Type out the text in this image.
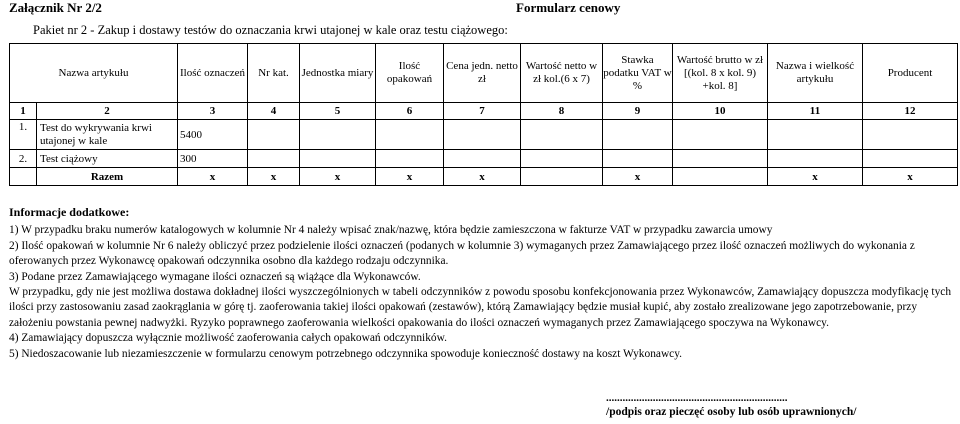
Załącznik Nr 2/2	Formularz cenowy
Pakiet nr 2 - Zakup i dostawy testów do oznaczania krwi utajonej w kale oraz testu ciążowego:
Nazwa artykułu		Ilość oznaczeń	Nr kat.	Jednostka miary	Ilość opakowań	Cena jedn. netto zł	Wartość netto w zł kol.(6 x 7)	Stawka podatku VAT w %	Wartość brutto w zł [(kol. 8 x kol. 9) +kol. 8]	Nazwa i wielkość artykułu	Producent
1	2	3	4	5	6	7	8	9	10	11	12
1.	Test do wykrywania krwi utajonej w kale	5400									
2.	Test ciążowy	300									
	Razem	x	x	x	x	x		x		x	x

Informacje dodatkowe:

1) W przypadku braku numerów katalogowych w kolumnie Nr 4 należy wpisać znak/nazwę, która będzie zamieszczona w fakturze VAT w przypadku zawarcia umowy

2) Ilość opakowań w kolumnie Nr 6 należy obliczyć przez podzielenie ilości oznaczeń (podanych w kolumnie 3) wymaganych przez Zamawiającego przez ilość oznaczeń możliwych do wykonania z oferowanych przez Wykonawcę opakowań odczynnika osobno dla każdego rodzaju odczynnika.

3) Podane przez Zamawiającego wymagane ilości oznaczeń są wiążące dla Wykonawców.

W przypadku, gdy nie jest możliwa dostawa dokładnej ilości wyszczególnionych w tabeli odczynników z powodu sposobu konfekcjonowania przez Wykonawców, Zamawiający dopuszcza modyfikację tych ilości przy zastosowaniu zasad zaokrąglania w górę tj. zaoferowania takiej ilości opakowań (zestawów), którą Zamawiający będzie musiał kupić, aby zostało zrealizowane jego zapotrzebowanie, przy założeniu powstania pewnej nadwyżki. Ryzyko poprawnego zaoferowania wielkości opakowania do ilości oznaczeń wymaganych przez Zamawiającego spoczywa na Wykonawcy.

4) Zamawiający dopuszcza wyłącznie możliwość zaoferowania całych opakowań odczynników.

5) Niedoszacowanie lub niezamieszczenie w formularzu cenowym potrzebnego odczynnika spowoduje konieczność dostawy na koszt Wykonawcy.

..................................................................
/podpis oraz pieczęć osoby lub osób uprawnionych/
